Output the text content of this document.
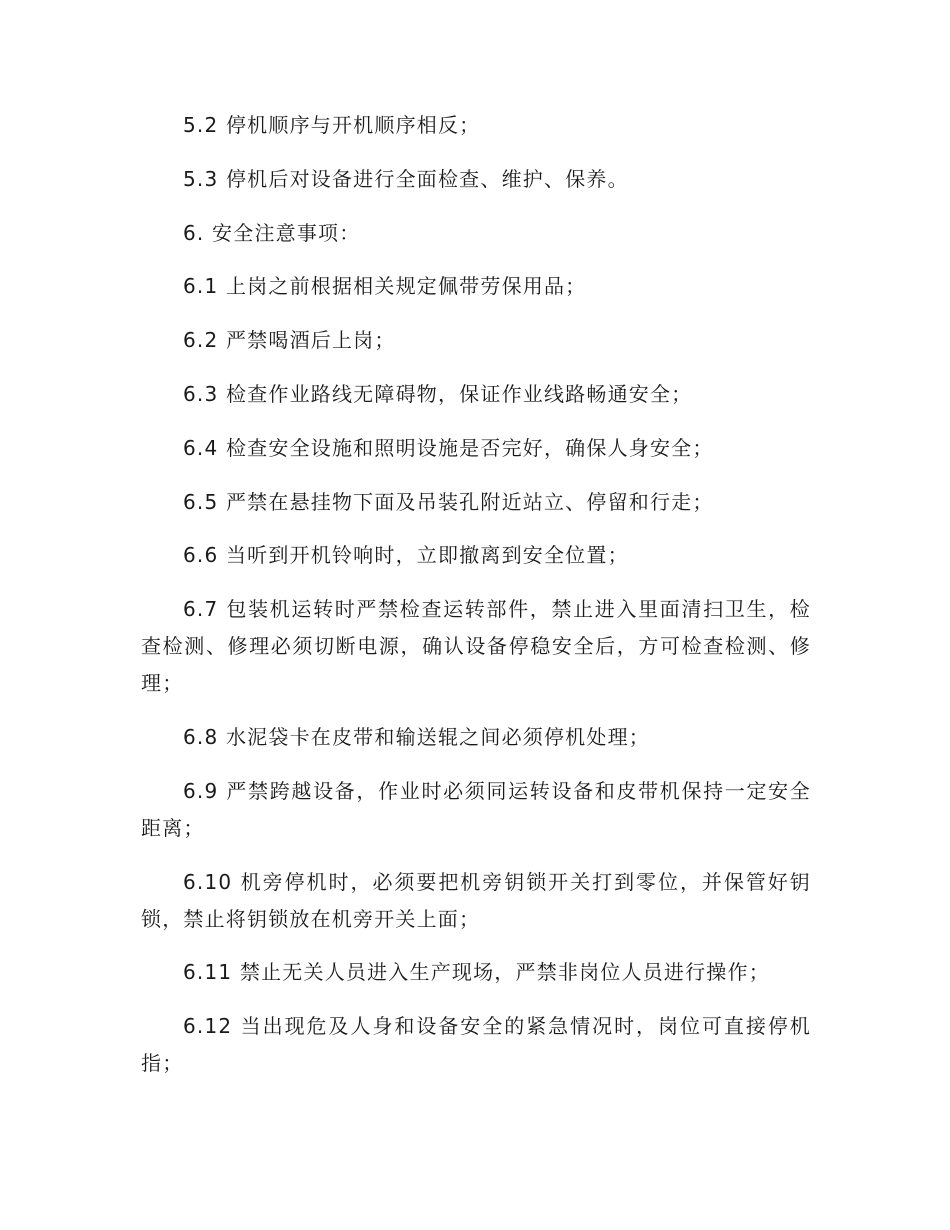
5.2 停机顺序与开机顺序相反；

5.3 停机后对设备进行全面检查、维护、保养。

6. 安全注意事项：

6.1 上岗之前根据相关规定佩带劳保用品；

6.2 严禁喝酒后上岗；

6.3 检查作业路线无障碍物，保证作业线路畅通安全；

6.4 检查安全设施和照明设施是否完好，确保人身安全；

6.5 严禁在悬挂物下面及吊装孔附近站立、停留和行走；

6.6 当听到开机铃响时，立即撤离到安全位置；

6.7 包装机运转时严禁检查运转部件，禁止进入里面清扫卫生，检查检测、修理必须切断电源，确认设备停稳安全后，方可检查检测、修理；

6.8 水泥袋卡在皮带和输送辊之间必须停机处理；

6.9 严禁跨越设备，作业时必须同运转设备和皮带机保持一定安全距离；

6.10 机旁停机时，必须要把机旁钥锁开关打到零位，并保管好钥锁，禁止将钥锁放在机旁开关上面；

6.11 禁止无关人员进入生产现场，严禁非岗位人员进行操作；

6.12 当出现危及人身和设备安全的紧急情况时，岗位可直接停机指；
